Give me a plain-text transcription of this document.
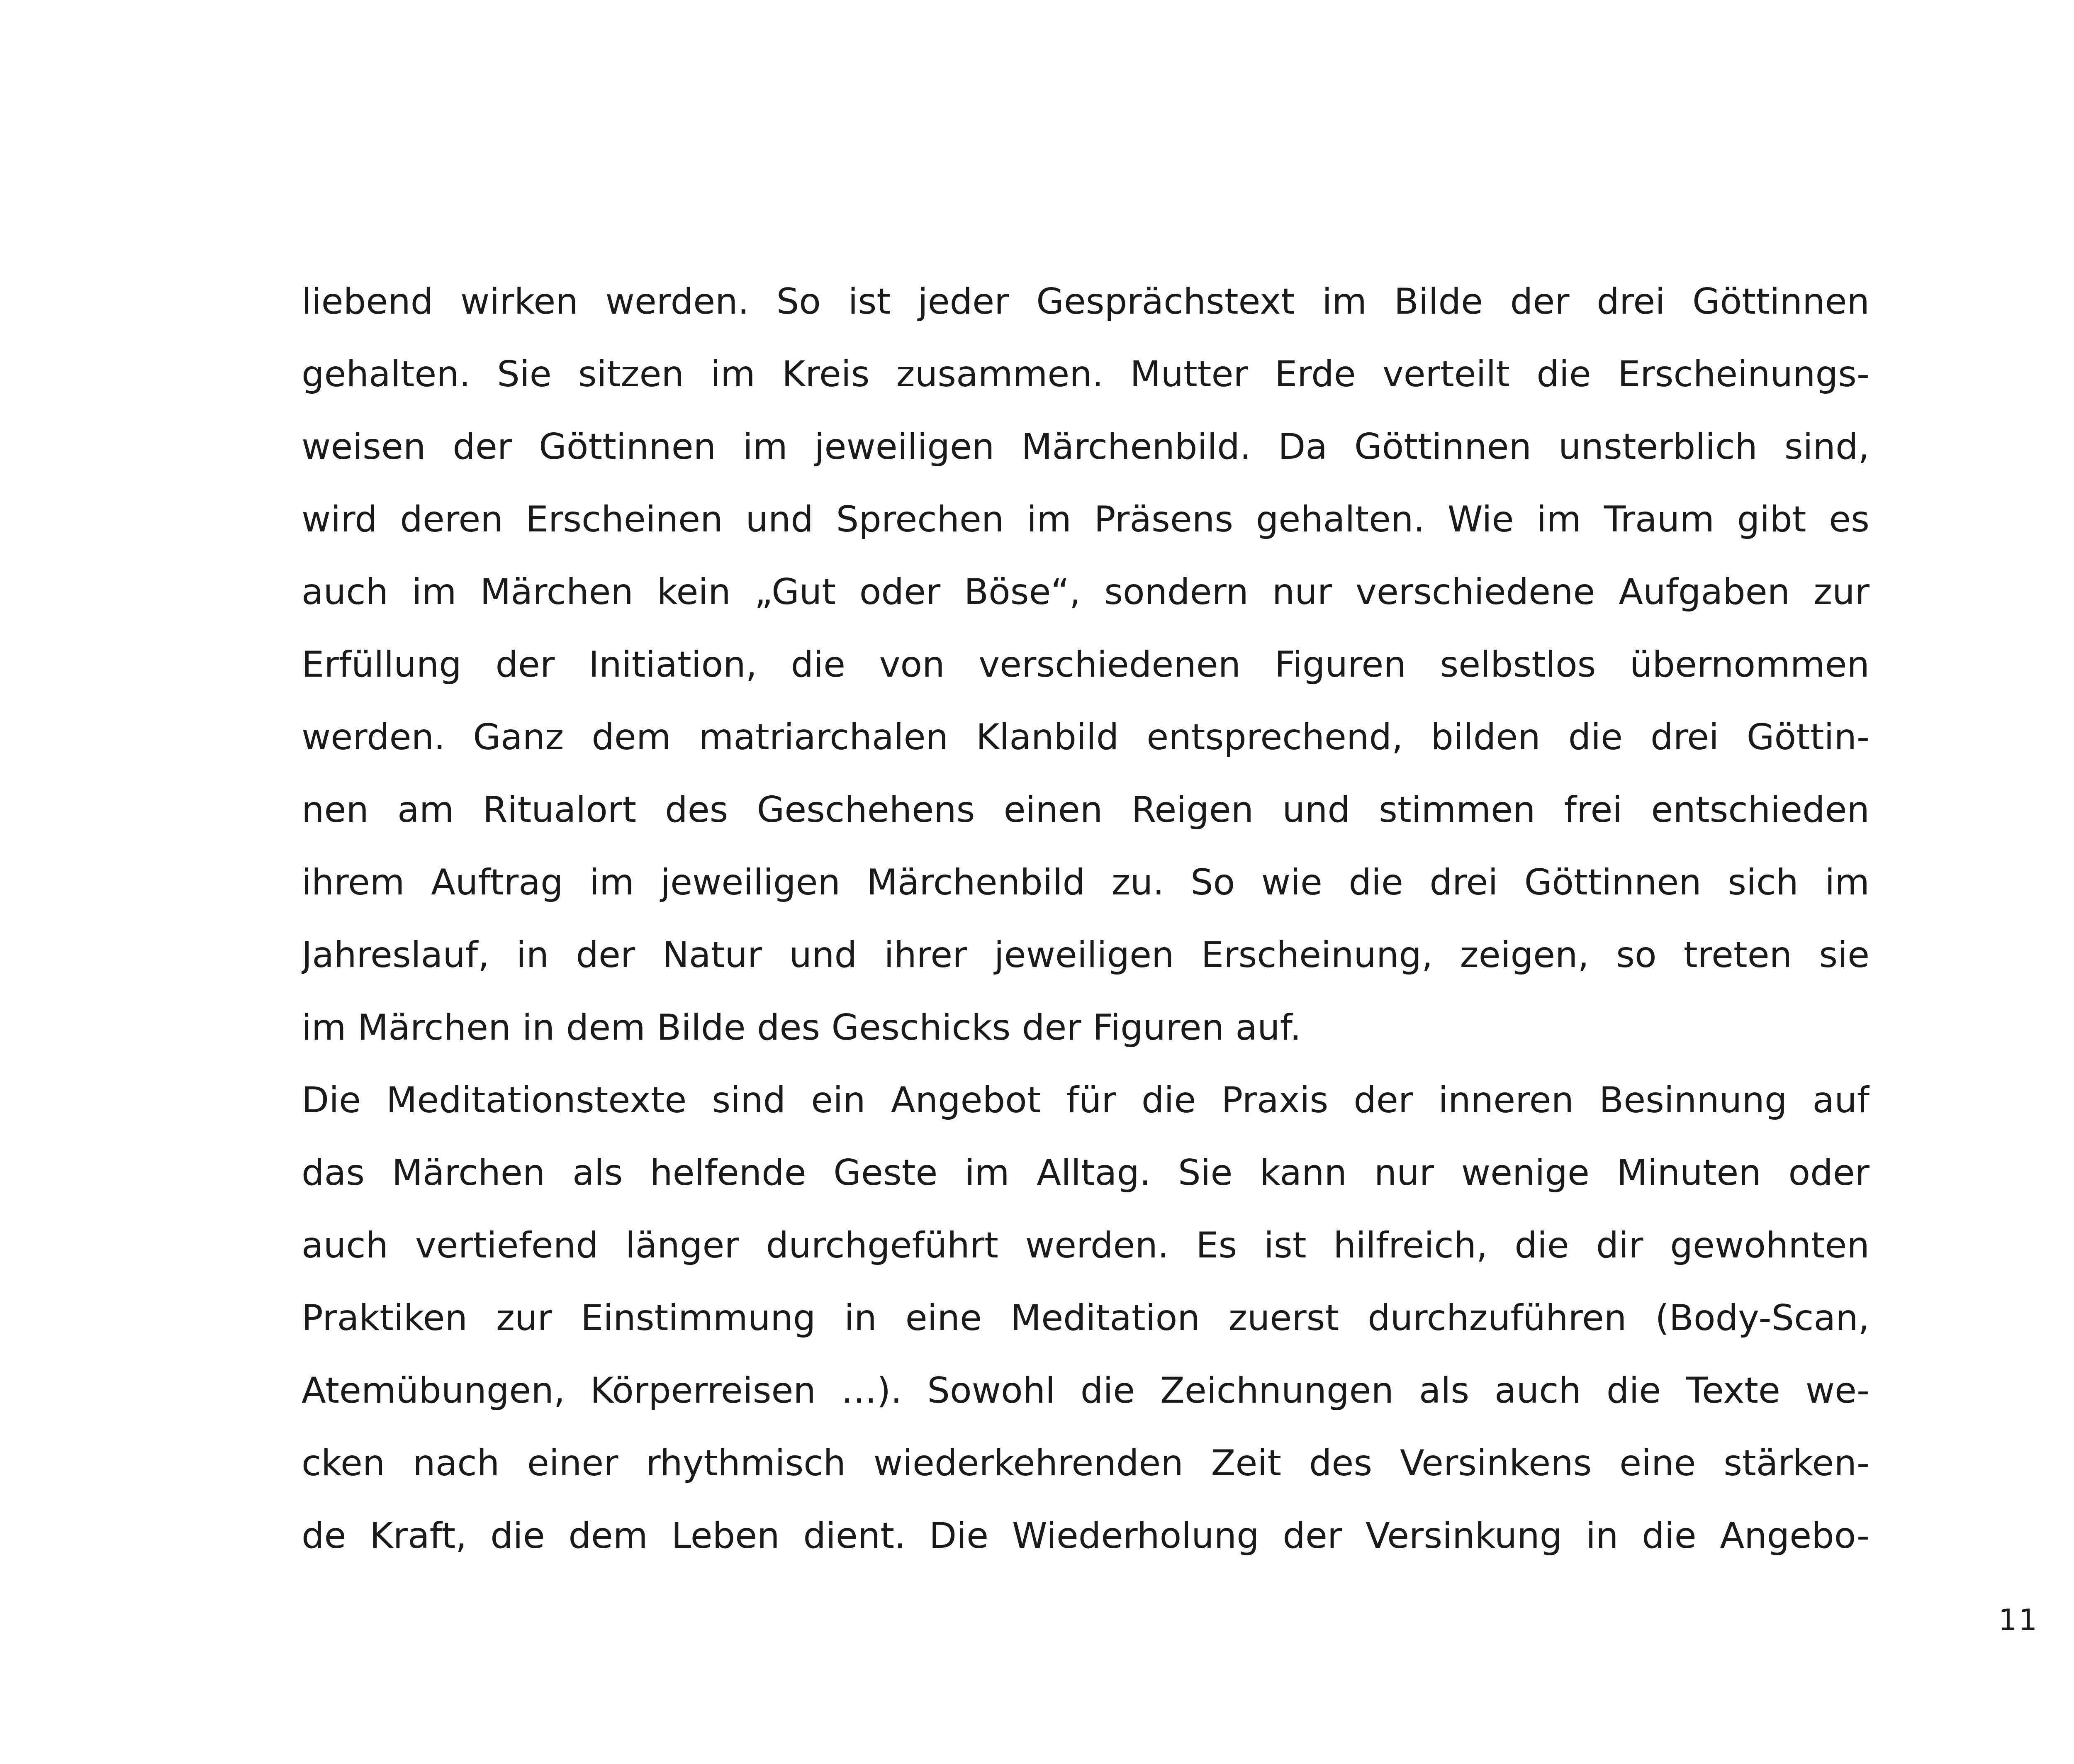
liebend wirken werden. So ist jeder Gesprächstext im Bilde der drei Göttinnen
gehalten. Sie sitzen im Kreis zusammen. Mutter Erde verteilt die Erscheinungs-
weisen der Göttinnen im jeweiligen Märchenbild. Da Göttinnen unsterblich sind,
wird deren Erscheinen und Sprechen im Präsens gehalten. Wie im Traum gibt es
auch im Märchen kein „Gut oder Böse“, sondern nur verschiedene Aufgaben zur
Erfüllung der Initiation, die von verschiedenen Figuren selbstlos übernommen
werden. Ganz dem matriarchalen Klanbild entsprechend, bilden die drei Göttin-
nen am Ritualort des Geschehens einen Reigen und stimmen frei entschieden
ihrem Auftrag im jeweiligen Märchenbild zu. So wie die drei Göttinnen sich im
Jahreslauf, in der Natur und ihrer jeweiligen Erscheinung, zeigen, so treten sie
im Märchen in dem Bilde des Geschicks der Figuren auf.
Die Meditationstexte sind ein Angebot für die Praxis der inneren Besinnung auf
das Märchen als helfende Geste im Alltag. Sie kann nur wenige Minuten oder
auch vertiefend länger durchgeführt werden. Es ist hilfreich, die dir gewohnten
Praktiken zur Einstimmung in eine Meditation zuerst durchzuführen (Body-Scan,
Atemübungen, Körperreisen …). Sowohl die Zeichnungen als auch die Texte we-
cken nach einer rhythmisch wiederkehrenden Zeit des Versinkens eine stärken-
de Kraft, die dem Leben dient. Die Wiederholung der Versinkung in die Angebo-
11
